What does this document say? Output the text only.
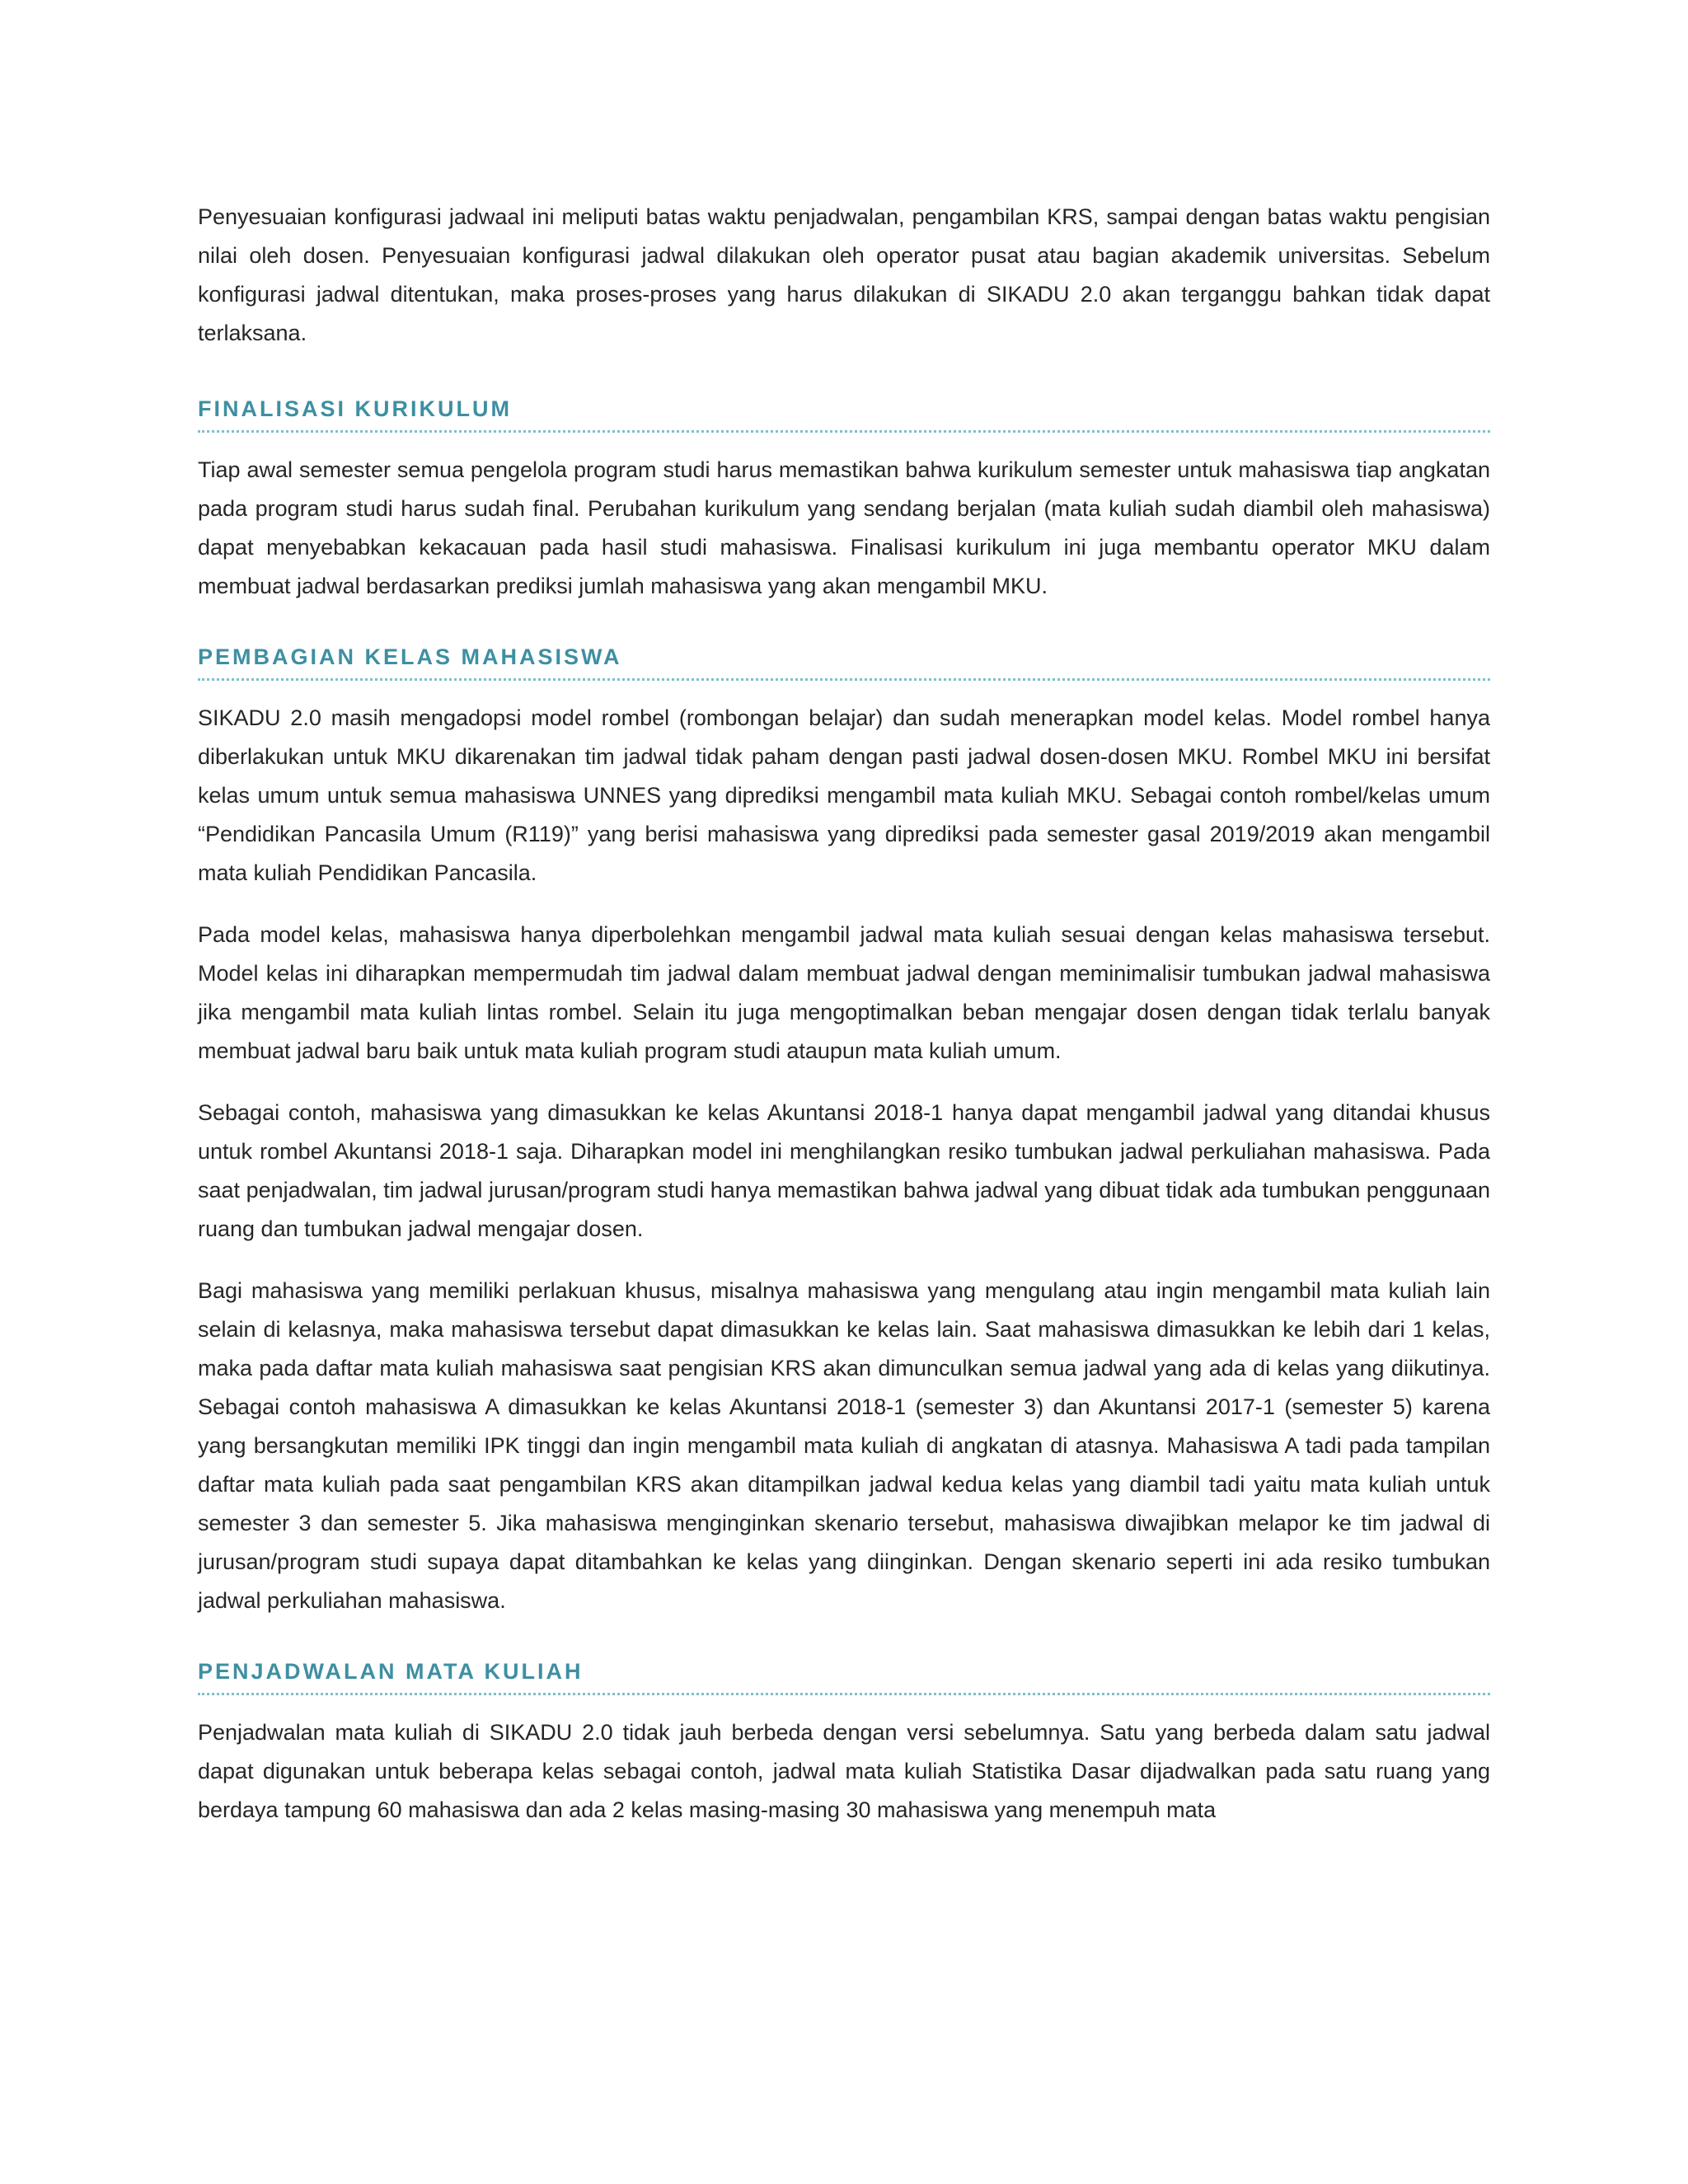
Penyesuaian konfigurasi jadwaal ini meliputi batas waktu penjadwalan, pengambilan KRS, sampai dengan batas waktu pengisian nilai oleh dosen. Penyesuaian konfigurasi jadwal dilakukan oleh operator pusat atau bagian akademik universitas. Sebelum konfigurasi jadwal ditentukan, maka proses-proses yang harus dilakukan di SIKADU 2.0 akan terganggu bahkan tidak dapat terlaksana.

FINALISASI KURIKULUM

Tiap awal semester semua pengelola program studi harus memastikan bahwa kurikulum semester untuk mahasiswa tiap angkatan pada program studi harus sudah final. Perubahan kurikulum yang sendang berjalan (mata kuliah sudah diambil oleh mahasiswa) dapat menyebabkan kekacauan pada hasil studi mahasiswa. Finalisasi kurikulum ini juga membantu operator MKU dalam membuat jadwal berdasarkan prediksi jumlah mahasiswa yang akan mengambil MKU.

PEMBAGIAN KELAS MAHASISWA

SIKADU 2.0 masih mengadopsi model rombel (rombongan belajar) dan sudah menerapkan model kelas. Model rombel hanya diberlakukan untuk MKU dikarenakan tim jadwal tidak paham dengan pasti jadwal dosen-dosen MKU. Rombel MKU ini bersifat kelas umum untuk semua mahasiswa UNNES yang diprediksi mengambil mata kuliah MKU. Sebagai contoh rombel/kelas umum “Pendidikan Pancasila Umum (R119)” yang berisi mahasiswa yang diprediksi pada semester gasal 2019/2019 akan mengambil mata kuliah Pendidikan Pancasila.

Pada model kelas, mahasiswa hanya diperbolehkan mengambil jadwal mata kuliah sesuai dengan kelas mahasiswa tersebut. Model kelas ini diharapkan mempermudah tim jadwal dalam membuat jadwal dengan meminimalisir tumbukan jadwal mahasiswa jika mengambil mata kuliah lintas rombel. Selain itu juga mengoptimalkan beban mengajar dosen dengan tidak terlalu banyak membuat jadwal baru baik untuk mata kuliah program studi ataupun mata kuliah umum.

Sebagai contoh, mahasiswa yang dimasukkan ke kelas Akuntansi 2018-1 hanya dapat mengambil jadwal yang ditandai khusus untuk rombel Akuntansi 2018-1 saja. Diharapkan model ini menghilangkan resiko tumbukan jadwal perkuliahan mahasiswa. Pada saat penjadwalan, tim jadwal jurusan/program studi hanya memastikan bahwa jadwal yang dibuat tidak ada tumbukan penggunaan ruang dan tumbukan jadwal mengajar dosen.

Bagi mahasiswa yang memiliki perlakuan khusus, misalnya mahasiswa yang mengulang atau ingin mengambil mata kuliah lain selain di kelasnya, maka mahasiswa tersebut dapat dimasukkan ke kelas lain. Saat mahasiswa dimasukkan ke lebih dari 1 kelas, maka pada daftar mata kuliah mahasiswa saat pengisian KRS akan dimunculkan semua jadwal yang ada di kelas yang diikutinya. Sebagai contoh mahasiswa A dimasukkan ke kelas Akuntansi 2018-1 (semester 3) dan Akuntansi 2017-1 (semester 5) karena yang bersangkutan memiliki IPK tinggi dan ingin mengambil mata kuliah di angkatan di atasnya. Mahasiswa A tadi pada tampilan daftar mata kuliah pada saat pengambilan KRS akan ditampilkan jadwal kedua kelas yang diambil tadi yaitu mata kuliah untuk semester 3 dan semester 5. Jika mahasiswa menginginkan skenario tersebut, mahasiswa diwajibkan melapor ke tim jadwal di jurusan/program studi supaya dapat ditambahkan ke kelas yang diinginkan. Dengan skenario seperti ini ada resiko tumbukan jadwal perkuliahan mahasiswa.

PENJADWALAN MATA KULIAH

Penjadwalan mata kuliah di SIKADU 2.0 tidak jauh berbeda dengan versi sebelumnya. Satu yang berbeda dalam satu jadwal dapat digunakan untuk beberapa kelas sebagai contoh, jadwal mata kuliah Statistika Dasar dijadwalkan pada satu ruang yang berdaya tampung 60 mahasiswa dan ada 2 kelas masing-masing 30 mahasiswa yang menempuh mata
